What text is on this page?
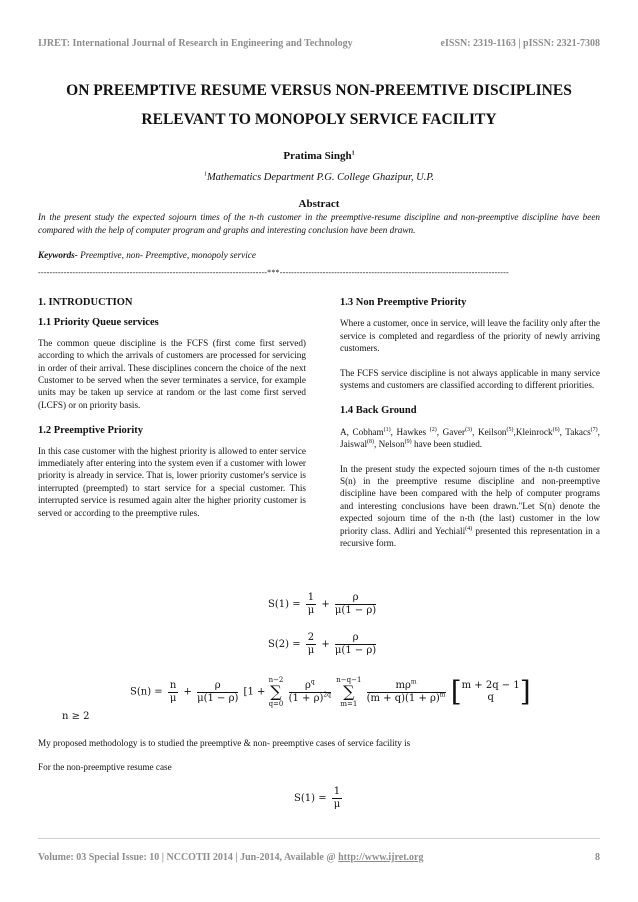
IJRET: International Journal of Research in Engineering and Technology	eISSN: 2319-1163 | pISSN: 2321-7308
ON PREEMPTIVE RESUME VERSUS NON-PREEMTIVE DISCIPLINES
RELEVANT TO MONOPOLY SERVICE FACILITY
Pratima Singh$^1$
$^1$Mathematics Department P.G. College Ghazipur, U.P.
Abstract
In the present study the expected sojourn times of the n-th customer in the preemptive-resume discipline and non-preemptive discipline have been compared with the help of computer program and graphs and interesting conclusion have been drawn.
Keywords- Preemptive, non- Preemptive, monopoly service
--------------------------------------------------------------------------------***--------------------------------------------------------------------------------
1. INTRODUCTION
1.1 Priority Queue services

The common queue discipline is the FCFS (first come first served) according to which the arrivals of customers are processed for servicing in order of their arrival. These disciplines concern the choice of the next Customer to be served when the sever terminates a service, for example units may be taken up service at random or the last come first served (LCFS) or on priority basis.

1.2 Preemptive Priority

In this case customer with the highest priority is allowed to enter service immediately after entering into the system even if a customer with lower priority is already in service. That is, lower priority customer's service is interrupted (preempted) to start service for a special customer. This interrupted service is resumed again alter the higher priority customer is served or according to the preemptive rules.

1.3 Non Preemptive Priority

Where a customer, once in service, will leave the facility only after the service is completed and regardless of the priority of newly arriving customers.

The FCFS service discipline is not always applicable in many service systems and customers are classified according to different priorities.

1.4 Back Ground

A, Cobham$^{(1)}$, Hawkes $^{(2)}$, Gaver$^{(3)}$, Keilson$^{(5)}$,Kleinrock$^{(6)}$, Takacs$^{(7)}$, Jaiswal$^{(8)}$, Nelson$^{(9)}$ have been studied.

In the present study the expected sojourn times of the n-th customer S(n) in the preemptive resume discipline and non-preemptive discipline have been compared with the help of computer programs and interesting conclusions have been drawn."Let S(n) denote the expected sojourn time of the n-th (the last) customer in the low priority class. Adliri and Yechiali$^{(4)}$ presented this representation in a recursive form.

$S(1) = \frac{1}{\mu} + \frac{\rho}{\mu(1 - \rho)}$
$S(2) = \frac{2}{\mu} + \frac{\rho}{\mu(1 - \rho)}$
$S(n) = \frac{n}{\mu} + \frac{\rho}{\mu(1 - \rho)} [1$ +
n−2
∑
q=0
$\frac{\rho^q}{(1 + \rho)^{2q}}$
n−q−1
∑
m=1
$\frac{m\rho^m}{(m + q)(1 + \rho)^m}$ [ m + 2q − 1
q ]
n ≥ 2
My proposed methodology is to studied the preemptive & non- preemptive cases of service facility is
For the non-preemptive resume case
$S(1) = \frac{1}{\mu}$
Volume: 03 Special Issue: 10 | NCCOTII 2014 | Jun-2014, Available @ http://www.ijret.org	8
